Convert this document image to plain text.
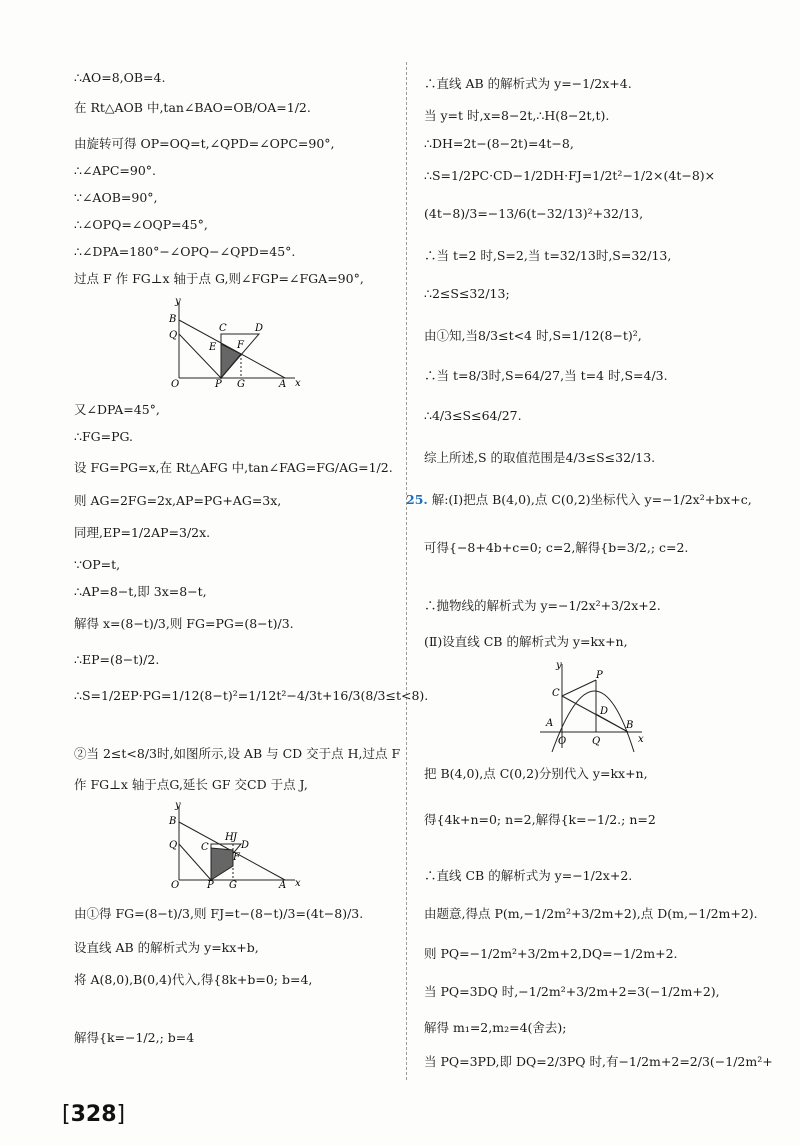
∴AO=8,OB=4.
在 Rt△AOB 中,tan∠BAO=OB/OA=1/2.
由旋转可得 OP=OQ=t,∠QPD=∠OPC=90°,
∴∠APC=90°.
∵∠AOB=90°,
∴∠OPQ=∠OQP=45°,
∴∠DPA=180°−∠OPQ−∠QPD=45°.
过点 F 作 FG⊥x 轴于点 G,则∠FGP=∠FGA=90°,
又∠DPA=45°,
∴FG=PG.
设 FG=PG=x,在 Rt△AFG 中,tan∠FAG=FG/AG=1/2.
则 AG=2FG=2x,AP=PG+AG=3x,
同理,EP=1/2AP=3/2x.
∵OP=t,
∴AP=8−t,即 3x=8−t,
解得 x=(8−t)/3,则 FG=PG=(8−t)/3.
∴EP=(8−t)/2.
∴S=1/2EP·PG=1/12(8−t)²=1/12t²−4/3t+16/3(8/3≤t<8).
②当 2≤t<8/3时,如图所示,设 AB 与 CD 交于点 H,过点 F
作 FG⊥x 轴于点G,延长 GF 交CD 于点 J,
由①得 FG=(8−t)/3,则 FJ=t−(8−t)/3=(4t−8)/3.
设直线 AB 的解析式为 y=kx+b,
将 A(8,0),B(0,4)代入,得{8k+b=0; b=4,
解得{k=−1/2,; b=4
∴直线 AB 的解析式为 y=−1/2x+4.
当 y=t 时,x=8−2t,∴H(8−2t,t).
∴DH=2t−(8−2t)=4t−8,
∴S=1/2PC·CD−1/2DH·FJ=1/2t²−1/2×(4t−8)×
(4t−8)/3=−13/6(t−32/13)²+32/13,
∴当 t=2 时,S=2,当 t=32/13时,S=32/13,
∴2≤S≤32/13;
由①知,当8/3≤t<4 时,S=1/12(8−t)²,
∴当 t=8/3时,S=64/27,当 t=4 时,S=4/3.
∴4/3≤S≤64/27.
综上所述,S 的取值范围是4/3≤S≤32/13.
25. 解:(Ⅰ)把点 B(4,0),点 C(0,2)坐标代入 y=−1/2x²+bx+c,
可得{−8+4b+c=0; c=2,解得{b=3/2,; c=2.
∴抛物线的解析式为 y=−1/2x²+3/2x+2.
(Ⅱ)设直线 CB 的解析式为 y=kx+n,
把 B(4,0),点 C(0,2)分别代入 y=kx+n,
得{4k+n=0; n=2,解得{k=−1/2.; n=2
∴直线 CB 的解析式为 y=−1/2x+2.
由题意,得点 P(m,−1/2m²+3/2m+2),点 D(m,−1/2m+2).
则 PQ=−1/2m²+3/2m+2,DQ=−1/2m+2.
当 PQ=3DQ 时,−1/2m²+3/2m+2=3(−1/2m+2),
解得 m₁=2,m₂=4(舍去);
当 PQ=3PD,即 DQ=2/3PQ 时,有−1/2m+2=2/3(−1/2m²+
y
B
Q
C	D
E F
O	P G	A x
y
B
Q C
H J
D
F
O	P G	A x
y
C
P
A
D
B
O	Q	x
[328]
